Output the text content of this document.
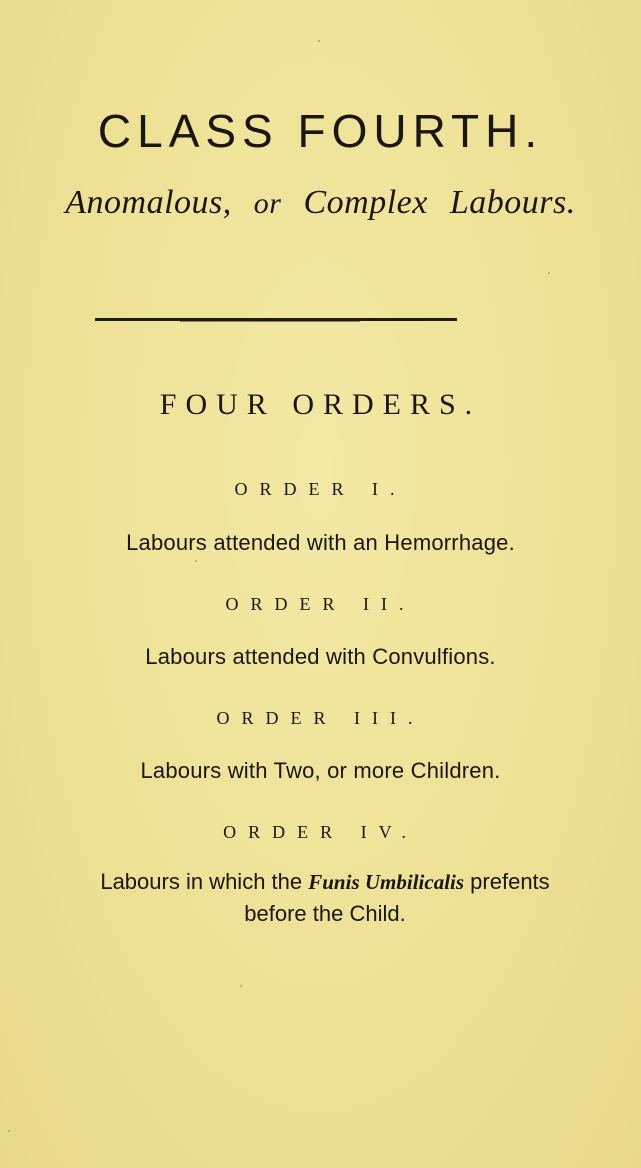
CLASS FOURTH.
Anomalous, or Complex Labours.
FOUR ORDERS.
ORDER I.
Labours attended with an Hemorrhage.
ORDER II.
Labours attended with Convulfions.
ORDER III.
Labours with Two, or more Children.
ORDER IV.
Labours in which the Funis Umbilicalis prefents before the Child.
